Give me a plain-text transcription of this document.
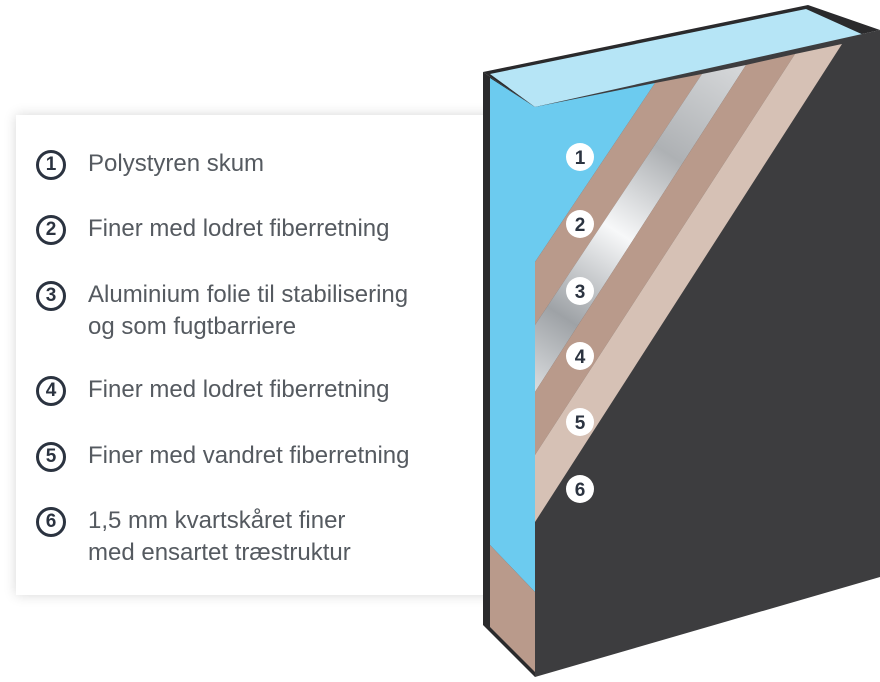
1	Polystyren skum
2	Finer med lodret fiberretning
3	Aluminium folie til stabilisering
og som fugtbarriere
4	Finer med lodret fiberretning
5	Finer med vandret fiberretning
6	1,5 mm kvartskåret finer
med ensartet træstruktur
1
2
3
4
5
6
